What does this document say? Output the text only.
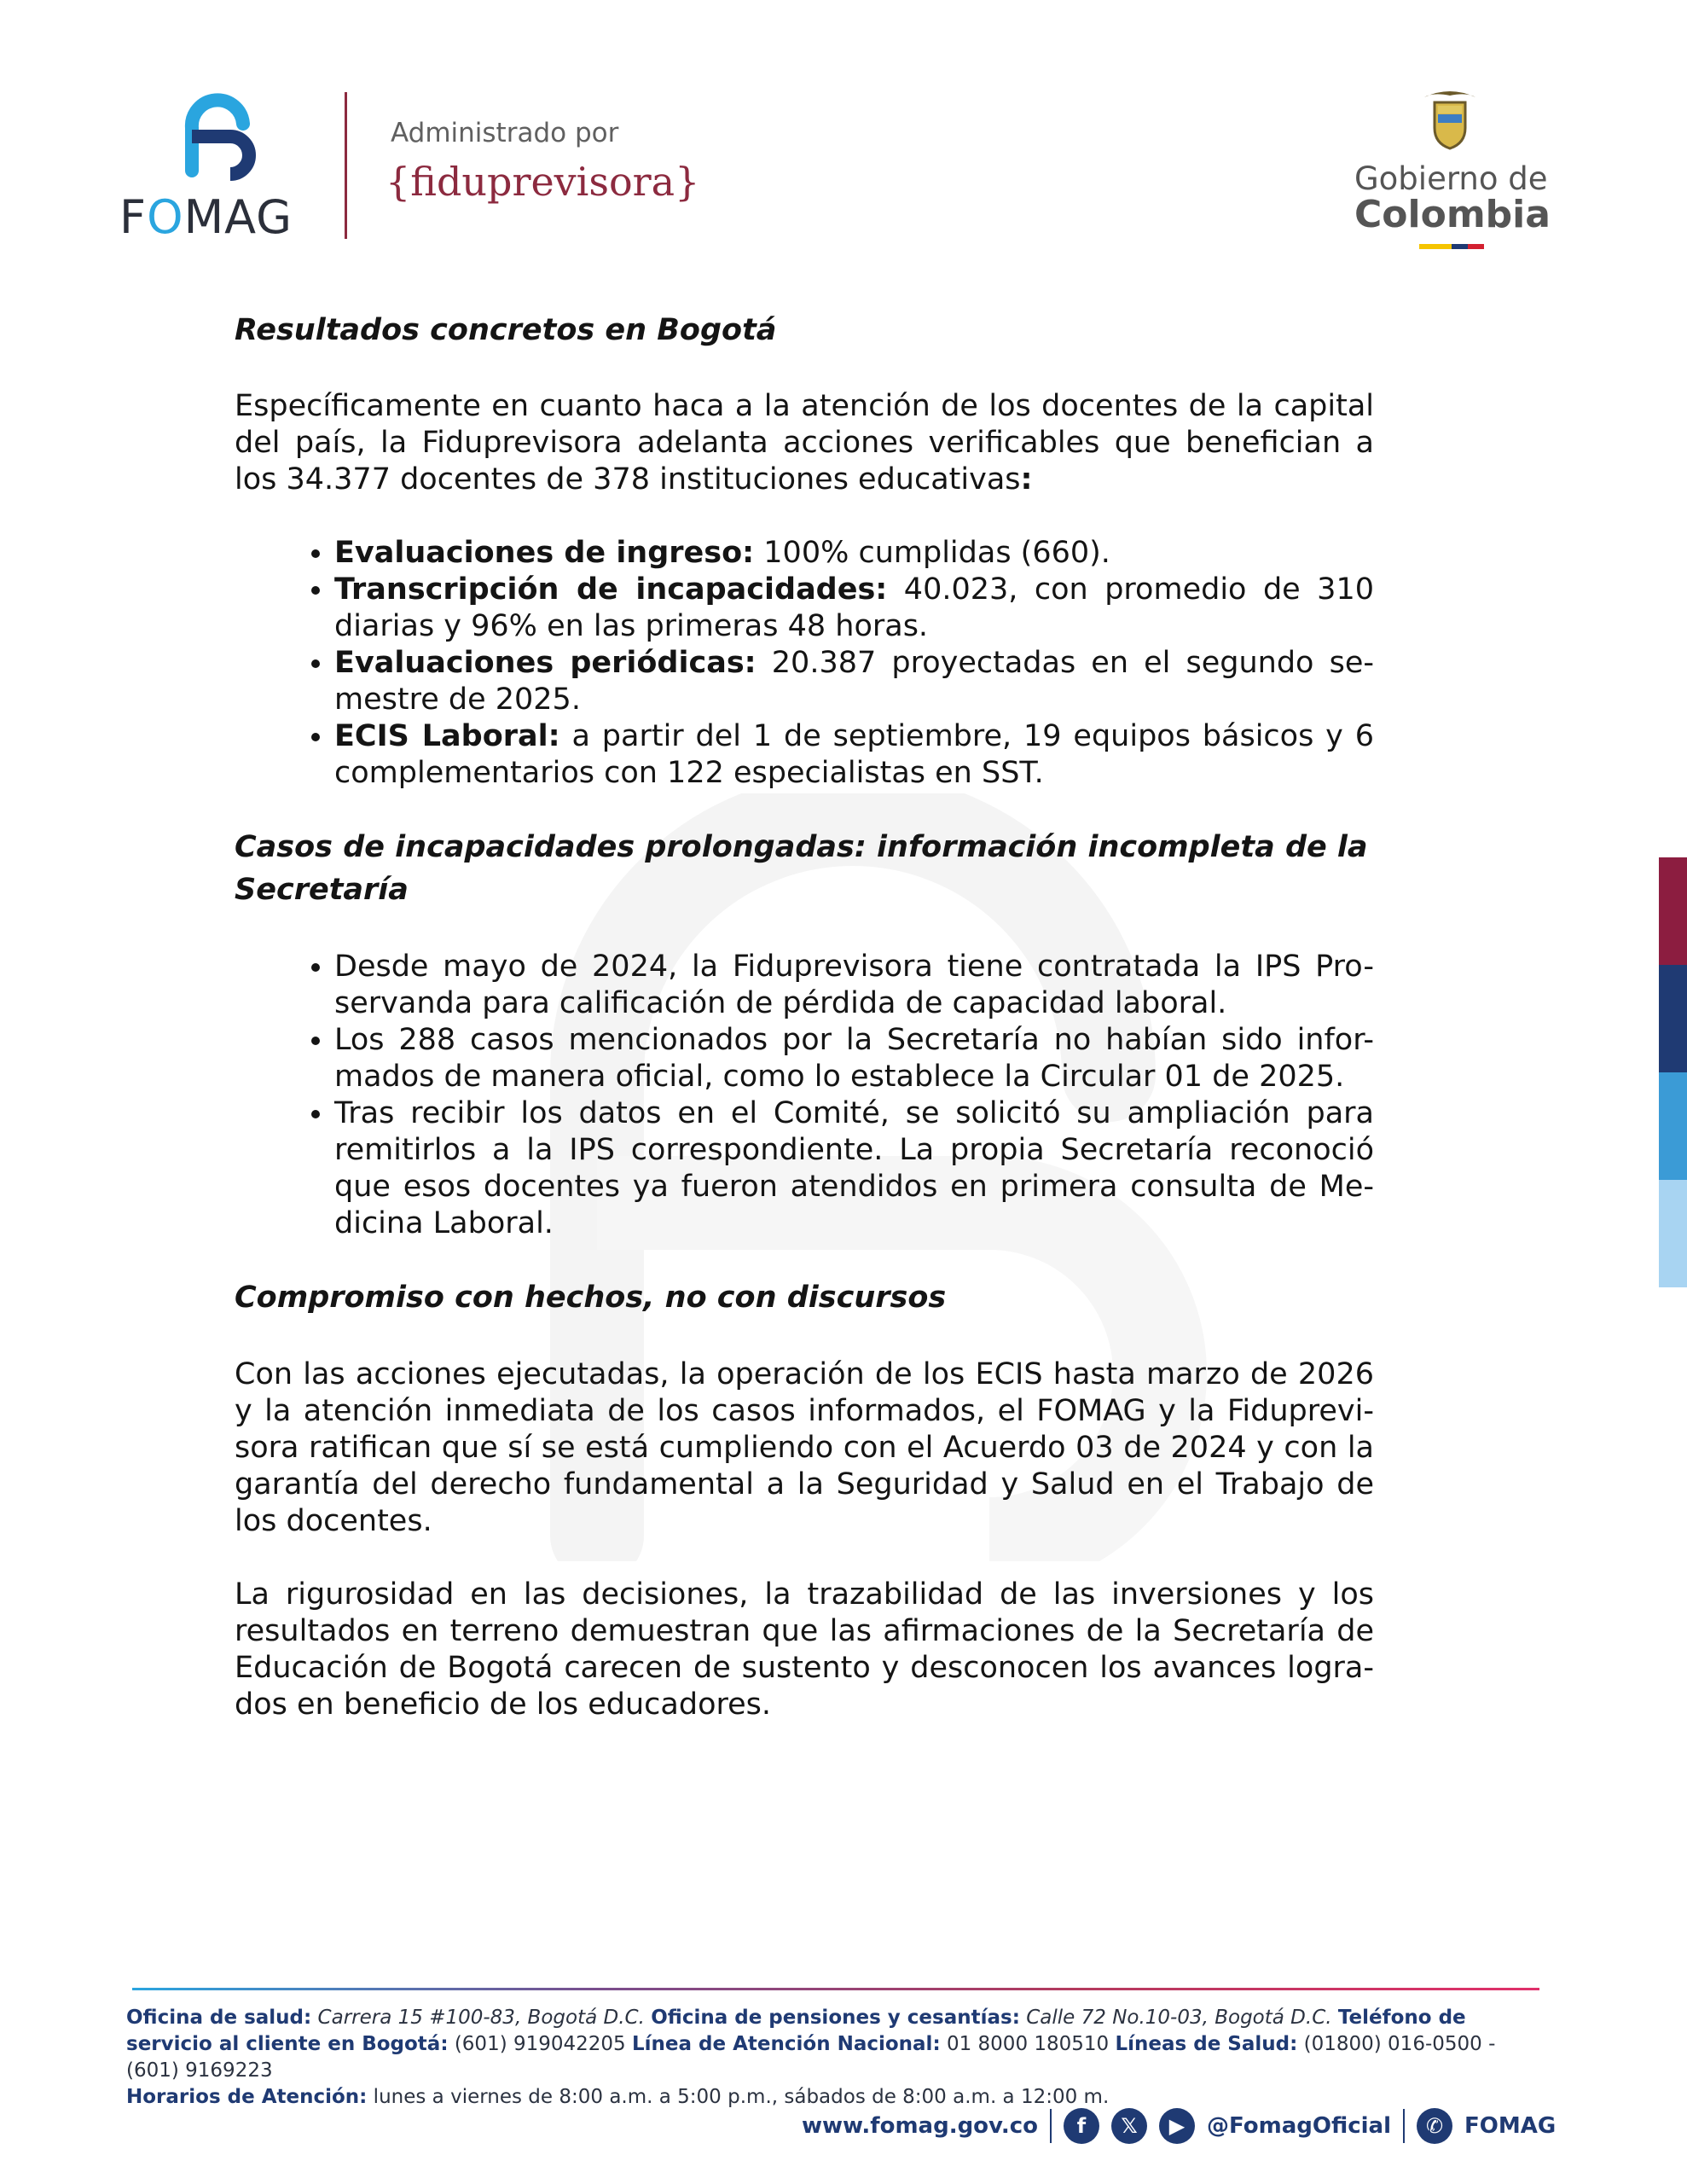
FOMAG
Administrado por
{fiduprevisora}	Gobierno de
Colombia
Resultados concretos en Bogotá

Específicamente en cuanto haca a la atención de los docentes de la capital del país, la Fiduprevisora adelanta acciones verificables que benefician a los 34.377 docentes de 378 instituciones educativas:

• Evaluaciones de ingreso: 100% cumplidas (660).
• Transcripción de incapacidades: 40.023, con promedio de 310 diarias y 96% en las primeras 48 horas.
• Evaluaciones periódicas: 20.387 proyectadas en el segundo se-mestre de 2025.
• ECIS Laboral: a partir del 1 de septiembre, 19 equipos básicos y 6 complementarios con 122 especialistas en SST.
Casos de incapacidades prolongadas: información incompleta de la Secretaría
• Desde mayo de 2024, la Fiduprevisora tiene contratada la IPS Pro-servanda para calificación de pérdida de capacidad laboral.
• Los 288 casos mencionados por la Secretaría no habían sido infor-mados de manera oficial, como lo establece la Circular 01 de 2025.
• Tras recibir los datos en el Comité, se solicitó su ampliación para remitirlos a la IPS correspondiente. La propia Secretaría reconoció que esos docentes ya fueron atendidos en primera consulta de Me-dicina Laboral.
Compromiso con hechos, no con discursos

Con las acciones ejecutadas, la operación de los ECIS hasta marzo de 2026 y la atención inmediata de los casos informados, el FOMAG y la Fiduprevi-sora ratifican que sí se está cumpliendo con el Acuerdo 03 de 2024 y con la garantía del derecho fundamental a la Seguridad y Salud en el Trabajo de los docentes.

La rigurosidad en las decisiones, la trazabilidad de las inversiones y los resultados en terreno demuestran que las afirmaciones de la Secretaría de Educación de Bogotá carecen de sustento y desconocen los avances logra-dos en beneficio de los educadores.

Oficina de salud: Carrera 15 #100-83, Bogotá D.C. Oficina de pensiones y cesantías: Calle 72 No.10-03, Bogotá D.C. Teléfono de servicio al cliente en Bogotá: (601) 919042205 Línea de Atención Nacional: 01 8000 180510 Líneas de Salud: (01800) 016-0500 - (601) 9169223
Horarios de Atención: lunes a viernes de 8:00 a.m. a 5:00 p.m., sábados de 8:00 a.m. a 12:00 m.
www.fomag.gov.co	f	𝕏	▶ @FomagOficial	✆ FOMAG
